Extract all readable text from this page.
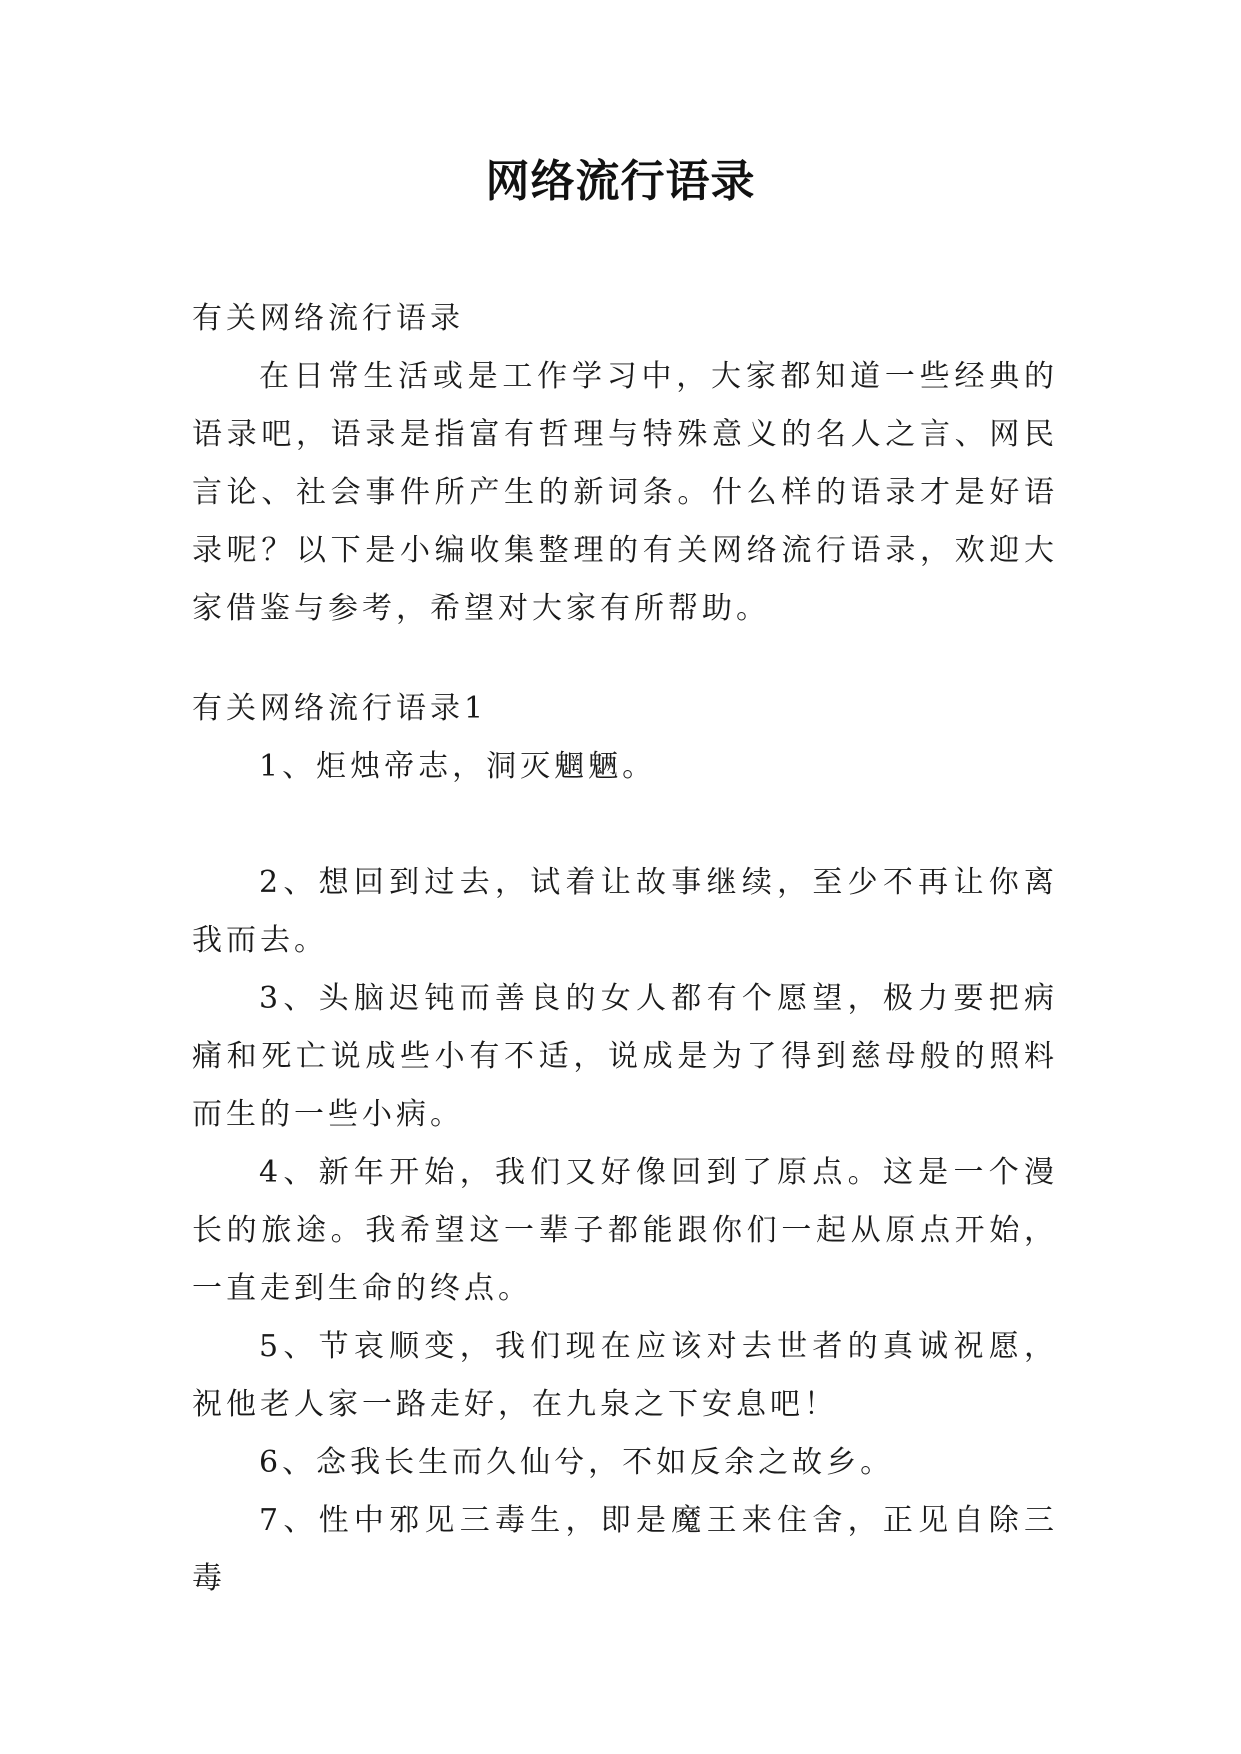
网络流行语录
有关网络流行语录
在日常生活或是工作学习中，大家都知道一些经典的语录吧，语录是指富有哲理与特殊意义的名人之言、网民言论、社会事件所产生的新词条。什么样的语录才是好语录呢？以下是小编收集整理的有关网络流行语录，欢迎大家借鉴与参考，希望对大家有所帮助。
有关网络流行语录1
1、炬烛帝志，洞灭魍魉。
2、想回到过去，试着让故事继续，至少不再让你离我而去。
3、头脑迟钝而善良的女人都有个愿望，极力要把病痛和死亡说成些小有不适，说成是为了得到慈母般的照料而生的一些小病。
4、新年开始，我们又好像回到了原点。这是一个漫长的旅途。我希望这一辈子都能跟你们一起从原点开始，一直走到生命的终点。
5、节哀顺变，我们现在应该对去世者的真诚祝愿，祝他老人家一路走好，在九泉之下安息吧！
6、念我长生而久仙兮，不如反余之故乡。
7、性中邪见三毒生，即是魔王来住舍，正见自除三毒
